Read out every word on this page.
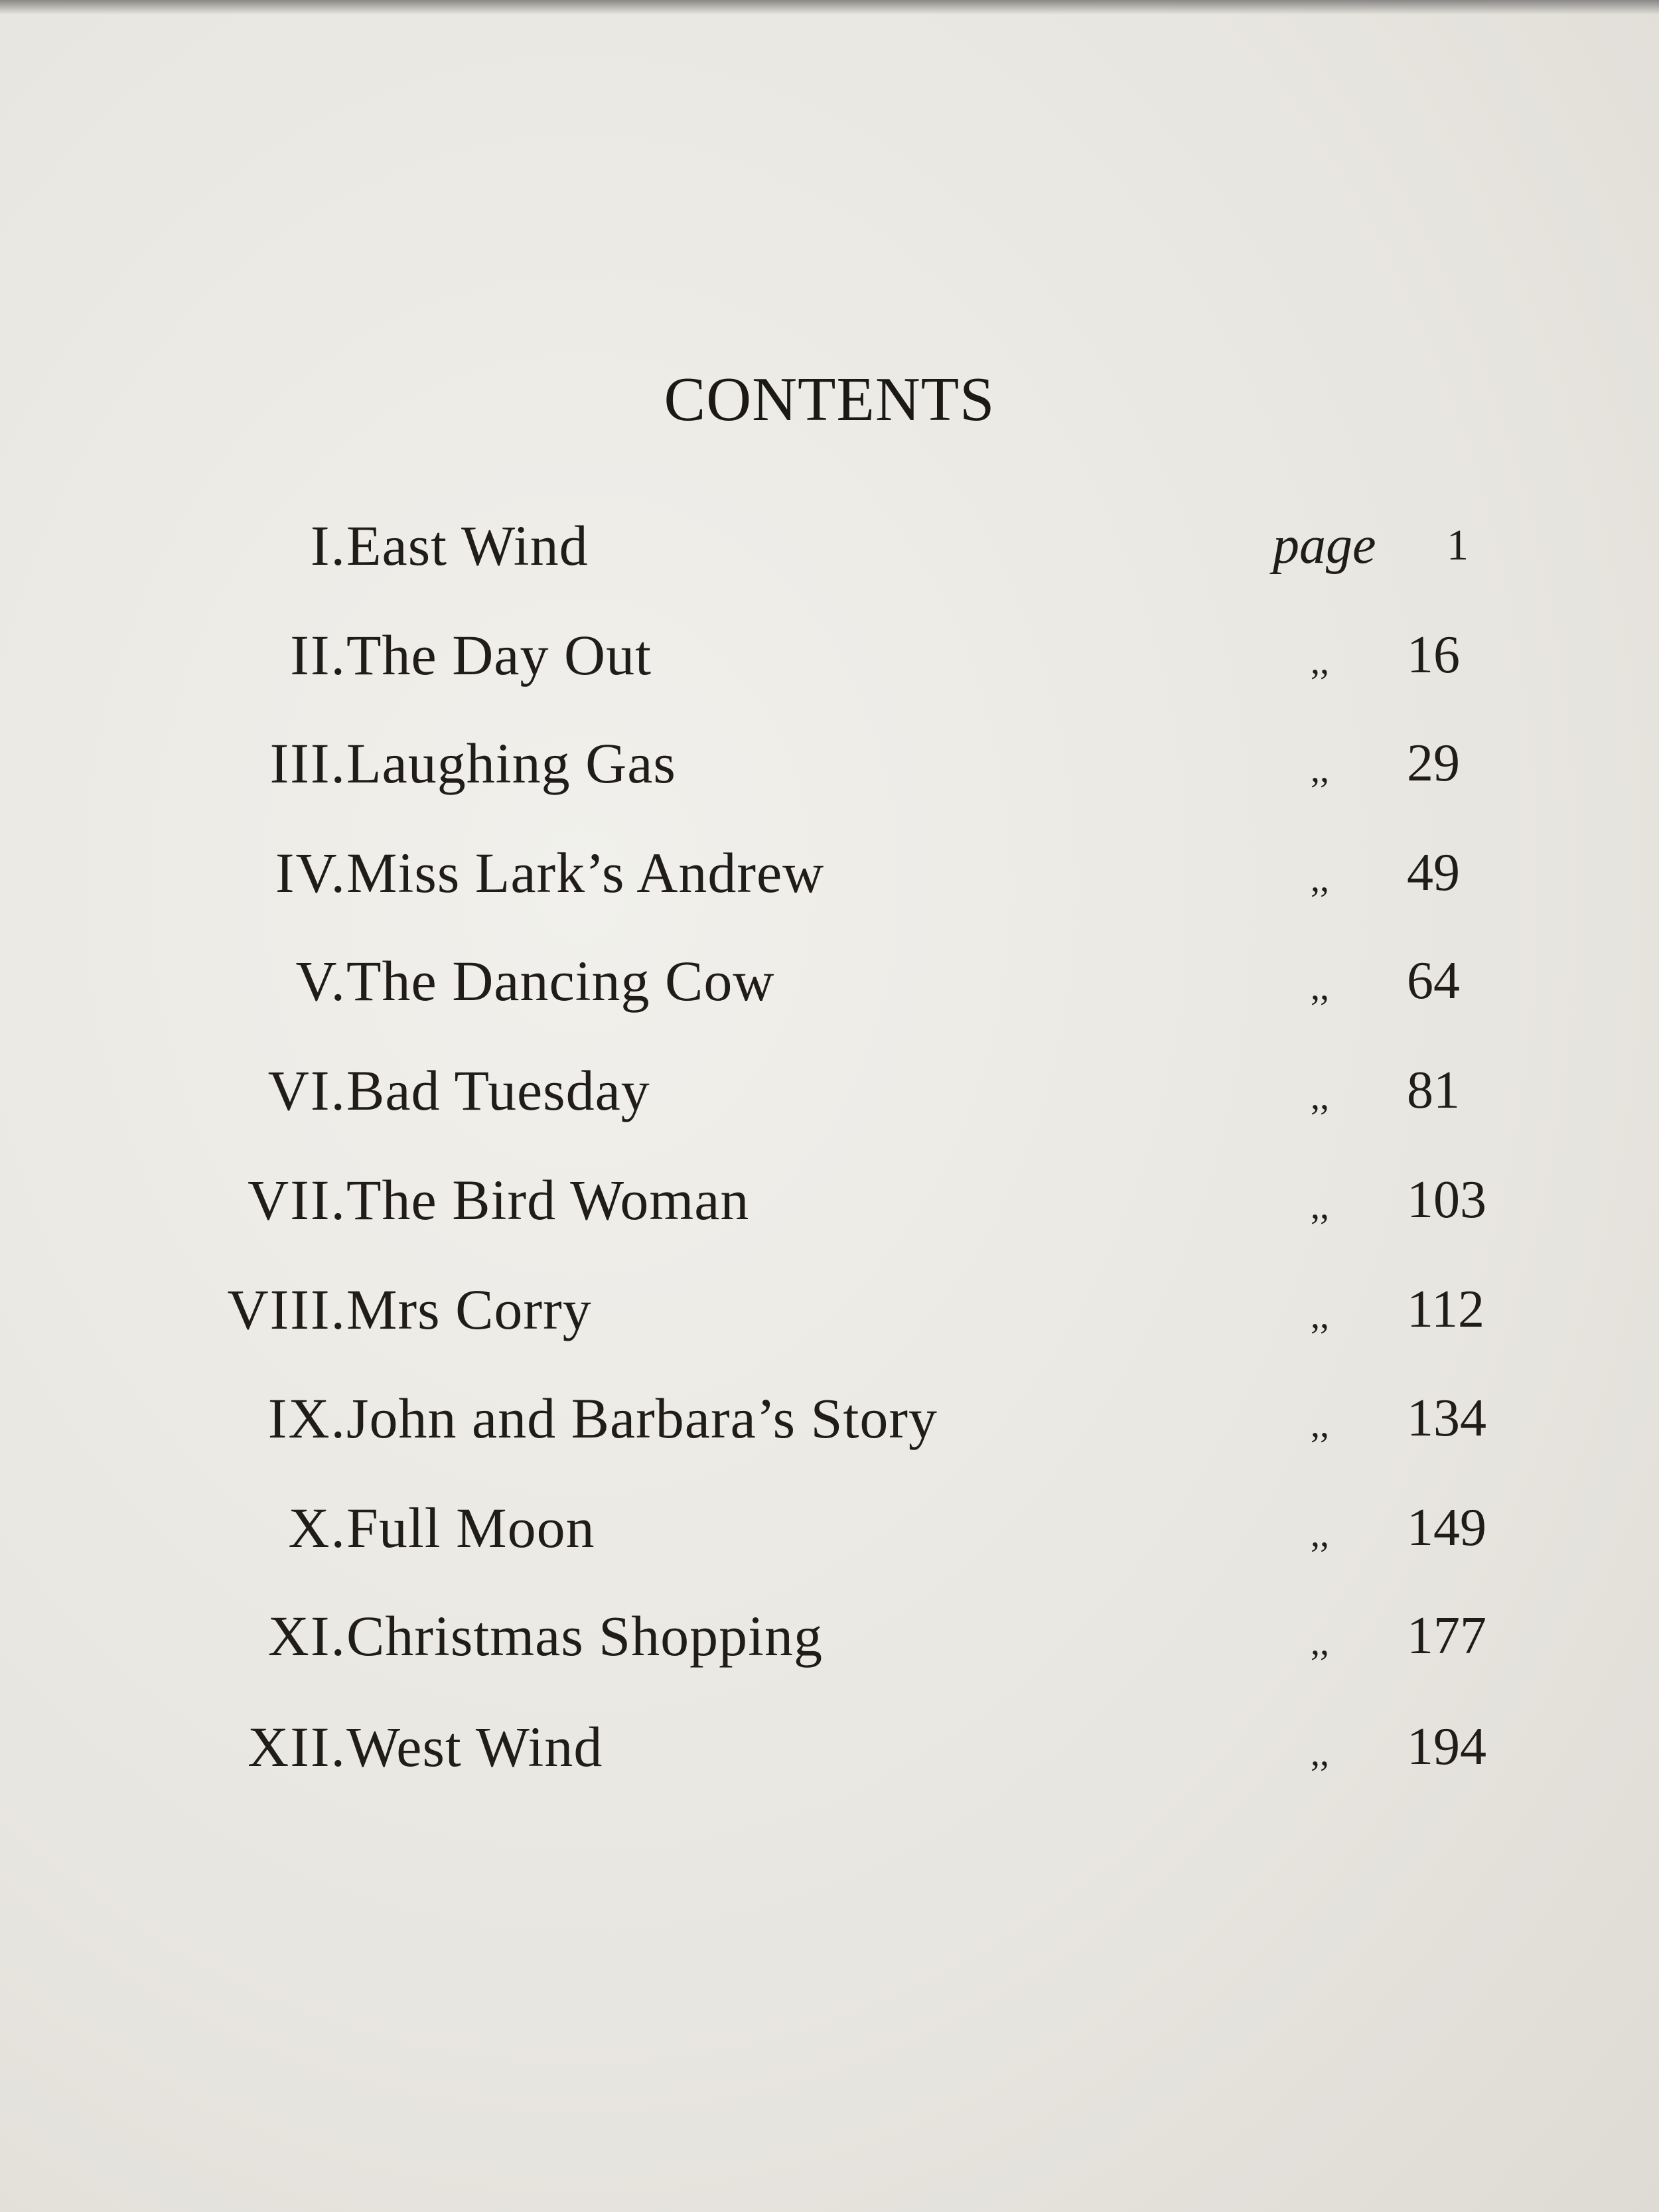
CONTENTS
I. East Wind	page 1
II. The Day Out	,, 16
III. Laughing Gas	,, 29
IV. Miss Lark’s Andrew	,, 49
V. The Dancing Cow	,, 64
VI. Bad Tuesday	,, 81
VII. The Bird Woman	,, 103
VIII. Mrs Corry	,, 112
IX. John and Barbara’s Story	,, 134
X. Full Moon	,, 149
XI. Christmas Shopping	,, 177
XII. West Wind	,, 194
